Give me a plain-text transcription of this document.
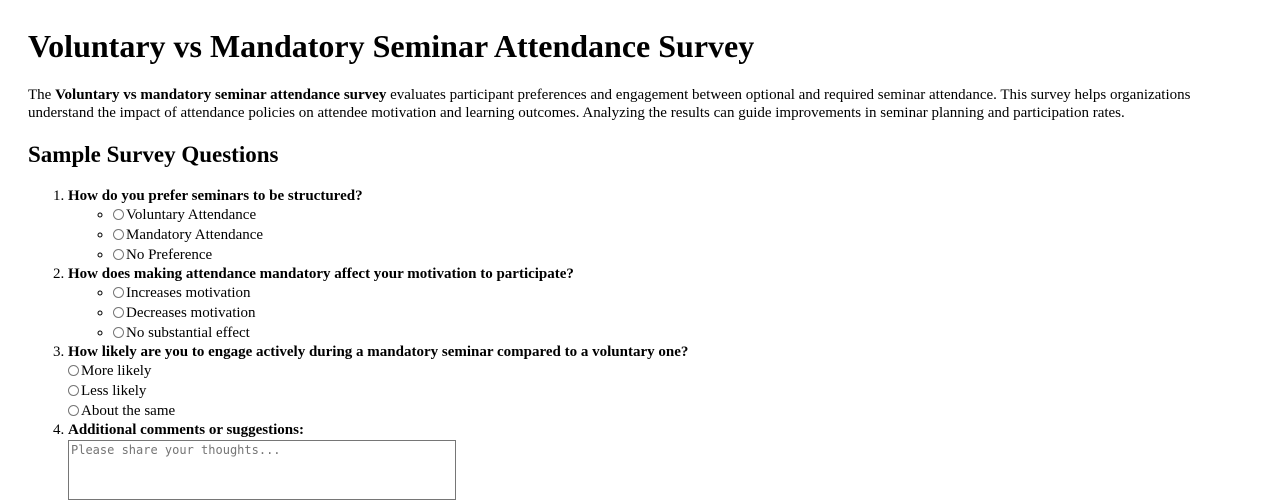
Voluntary vs Mandatory Seminar Attendance Survey

The Voluntary vs mandatory seminar attendance survey evaluates participant preferences and engagement between optional and required seminar attendance. This survey helps organizations understand the impact of attendance policies on attendee motivation and learning outcomes. Analyzing the results can guide improvements in seminar planning and participation rates.

Sample Survey Questions
1. How do you prefer seminars to be structured?
◦ Voluntary Attendance
◦ Mandatory Attendance
◦ No Preference
2. How does making attendance mandatory affect your motivation to participate?
◦ Increases motivation
◦ Decreases motivation
◦ No substantial effect
3. How likely are you to engage actively during a mandatory seminar compared to a voluntary one?
More likely
Less likely
About the same
4. Additional comments or suggestions:
Please share your thoughts...
